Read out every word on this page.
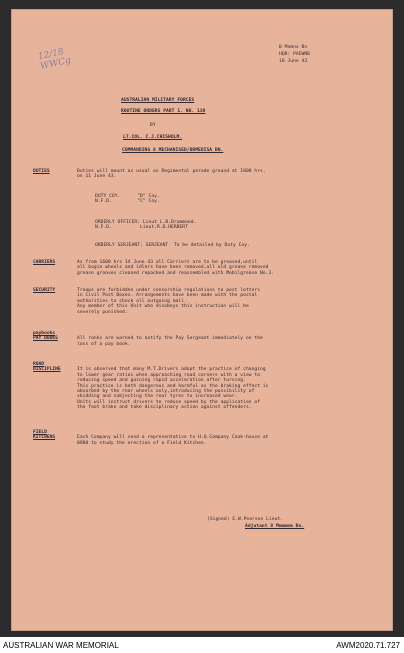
B Mnmnx Bn
HQR: PAEWNB
10 June 43
12/18
WWCg
AUSTRALIAN MILITARY FORCES
ROUTINE ORDERS PART 1. NO. 138
BY
LT.COL. C.J.CHISHOLM.
COMMANDING 8 MECHANISED/BRMEDISA BN.
DUTIES	Duties will mount as usual on Regimental parade ground at 1800 hrs.
on 11 June 43.
DUTY COY.      "D" Coy.
N.F.D.         "C" Coy.
ORDERLY OFFICER: Lieut L.B.Drummond.
N.F.D.          Lieut.R.D.HERBERT
ORDERLY SERJEANT: SERJEANT  To be detailed by Duty Coy.
CARRIERS	As from 1600 hrs 14 June 43 all Carriers are to be greased,until
all bogie wheels and idlers have been removed,all old grease removed
grease grooves cleaned repacked and reassembled with Mobilgrease No.3.
SECURITY	Troops are forbidden under censorship regulations to post letters
in Civil Post Boxes. Arrangements have been made with the postal
authorities to check all outgoing mail.
Any member of this Unit who disobeys this instruction will be
severely punished.
paybooks
PAY BOOKS	
All ranks are warned to notify the Pay Sergeant immediately on the
loss of a pay book.
ROAD
DISCIPLINE	
It is observed that many M.T.Drivers adopt the practice of changing
to lower gear ratios when approaching road corners with a view to
reducing speed and gaining rapid acceleration after turning.
This practice is both dangerous and harmful as the braking effect is
absorbed by the rear wheels only,introducing the possibility of
skidding and subjecting the rear tyres to increased wear.
Units will instruct drivers to reduce speed by the application of
the foot brake and take disciplinary action against offenders.
FIELD
KITCHENS	
Each Company will send a representative to H.Q.Company Cook-house at
0900 to study the erection of a Field Kitchen.
(Signed) E.W.Pearson Lieut.
Adjutant 8 Mmmmmm Bn.
AUSTRALIAN WAR MEMORIAL	AWM2020.71.727
